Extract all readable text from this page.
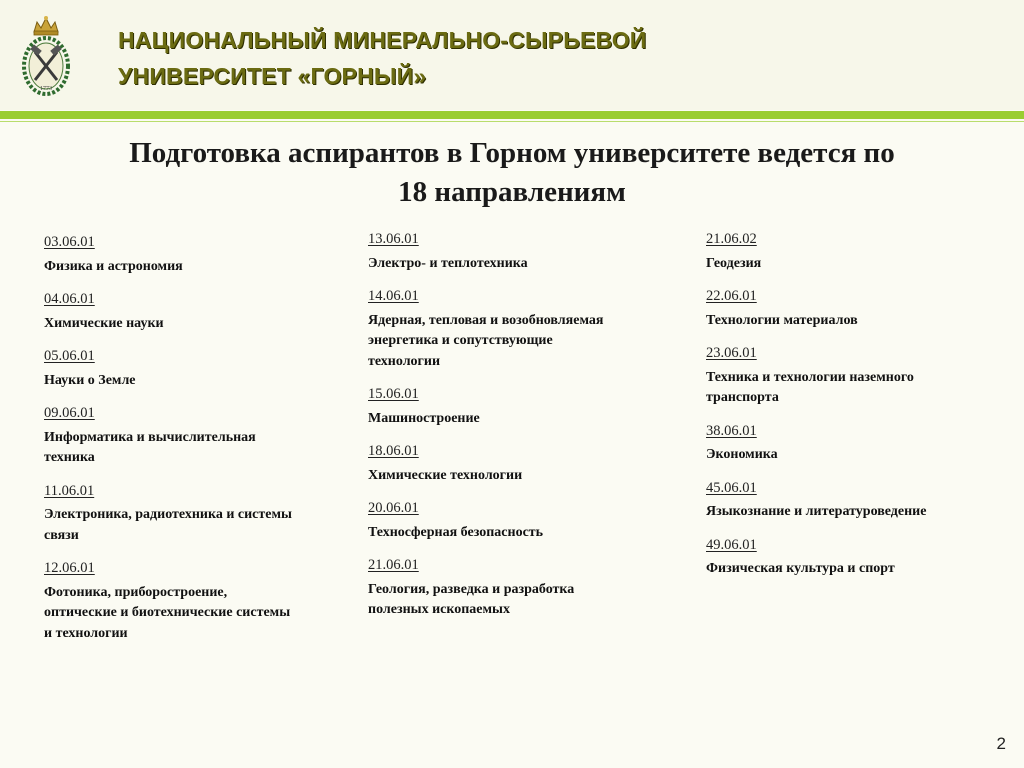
1773
НАЦИОНАЛЬНЫЙ МИНЕРАЛЬНО-СЫРЬЕВОЙ
УНИВЕРСИТЕТ «ГОРНЫЙ»
Подготовка аспирантов в Горном университете ведется по
18 направлениям
03.06.01
Физика и астрономия
04.06.01
Химические науки
05.06.01
Науки о Земле
09.06.01
Информатика и вычислительная техника
11.06.01
Электроника, радиотехника и системы связи
12.06.01
Фотоника, приборостроение, оптические и биотехнические системы и технологии
13.06.01
Электро- и теплотехника
14.06.01
Ядерная, тепловая и возобновляемая энергетика и сопутствующие технологии
15.06.01
Машиностроение
18.06.01
Химические технологии
20.06.01
Техносферная безопасность
21.06.01
Геология, разведка и разработка полезных ископаемых
21.06.02
Геодезия
22.06.01
Технологии материалов
23.06.01
Техника и технологии наземного транспорта
38.06.01
Экономика
45.06.01
Языкознание и литературоведение
49.06.01
Физическая культура и спорт
2
